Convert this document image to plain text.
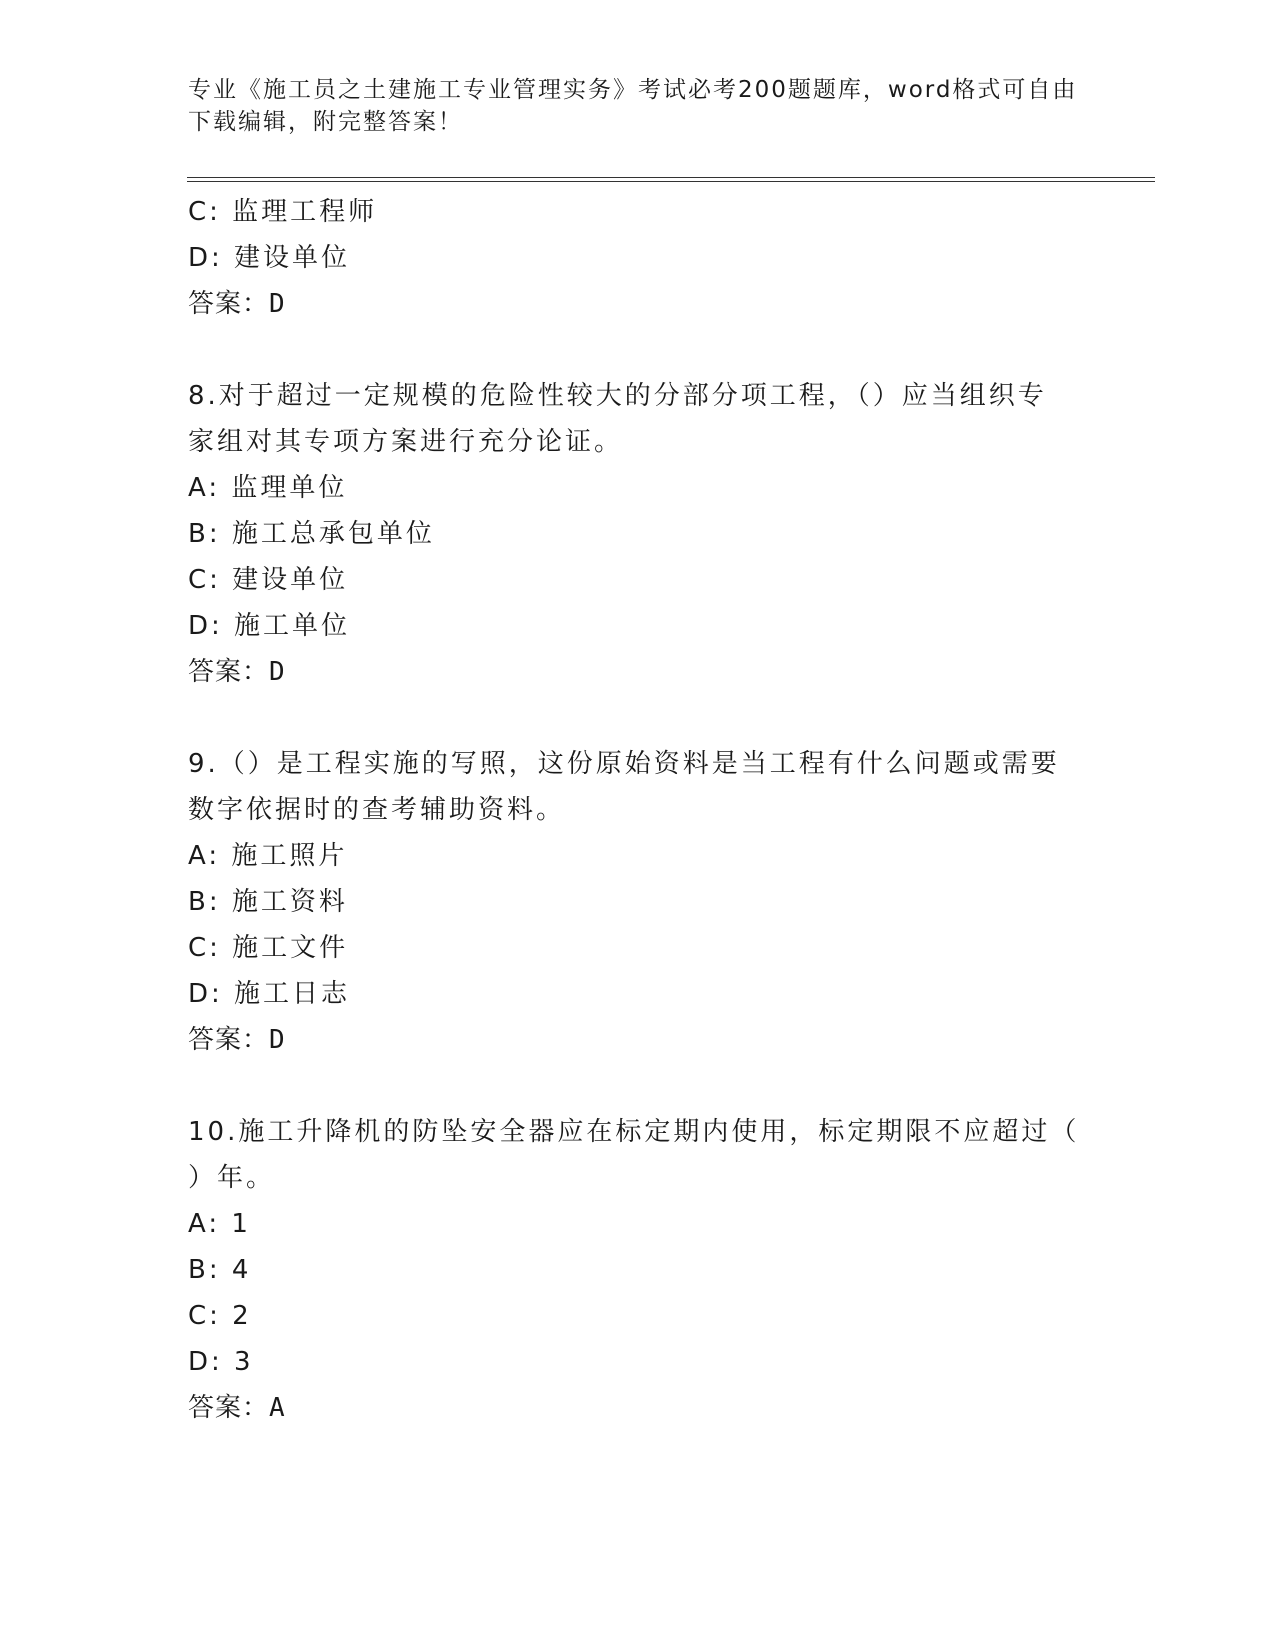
专业《施工员之土建施工专业管理实务》考试必考200题题库，word格式可自由
下载编辑，附完整答案！
C: 监理工程师
D: 建设单位
答案：D
8.对于超过一定规模的危险性较大的分部分项工程，（）应当组织专
家组对其专项方案进行充分论证。
A: 监理单位
B: 施工总承包单位
C: 建设单位
D: 施工单位
答案：D
9.（）是工程实施的写照，这份原始资料是当工程有什么问题或需要
数字依据时的查考辅助资料。
A: 施工照片
B: 施工资料
C: 施工文件
D: 施工日志
答案：D
10.施工升降机的防坠安全器应在标定期内使用，标定期限不应超过（
）年。
A: 1
B: 4
C: 2
D: 3
答案：A
